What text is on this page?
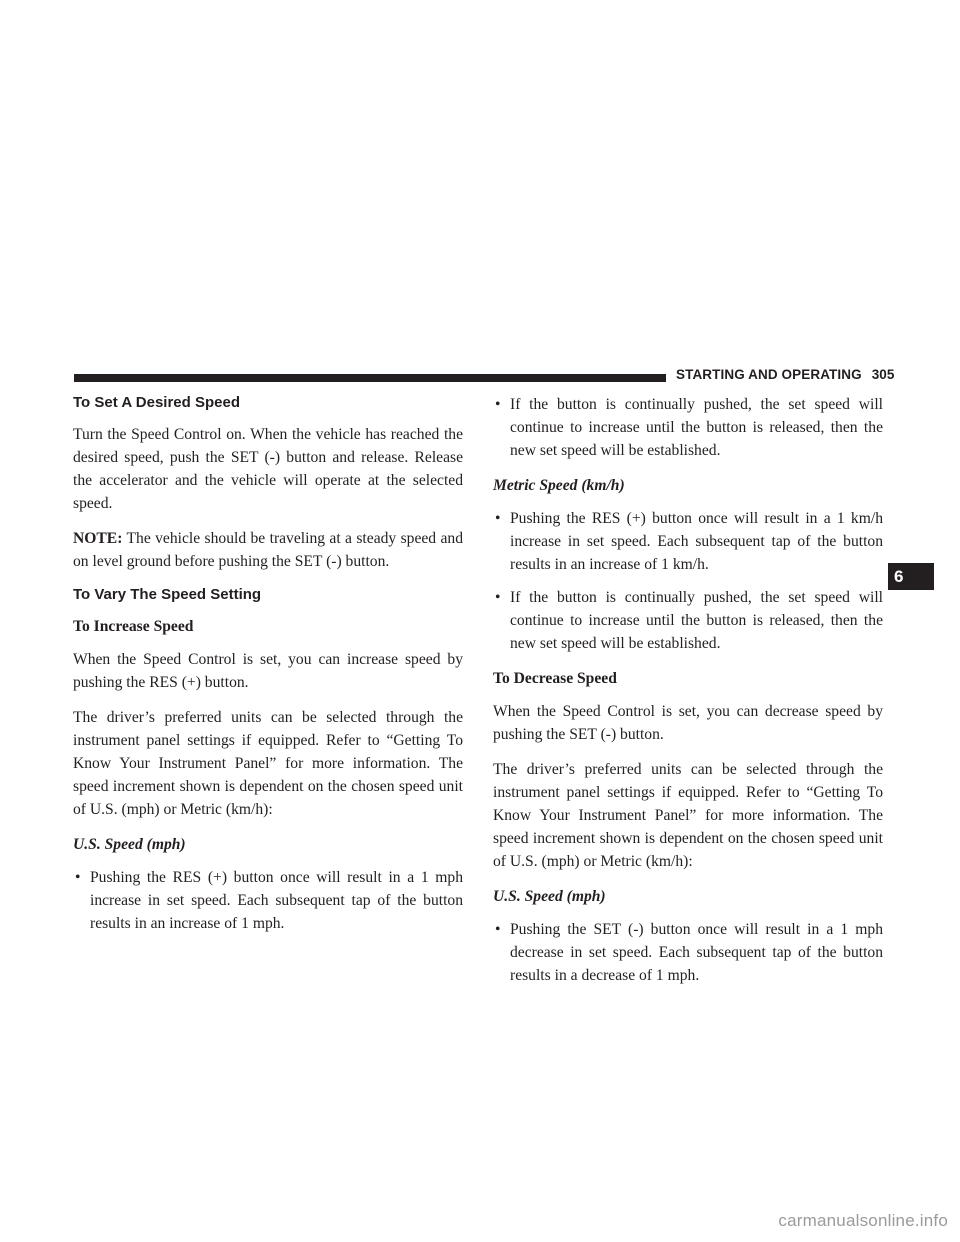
STARTING AND OPERATING 305
To Set A Desired Speed

Turn the Speed Control on. When the vehicle has reached the desired speed, push the SET (-) button and release. Release the accelerator and the vehicle will operate at the selected speed.

NOTE: The vehicle should be traveling at a steady speed and on level ground before pushing the SET (-) button.

To Vary The Speed Setting
To Increase Speed

When the Speed Control is set, you can increase speed by pushing the RES (+) button.

The driver’s preferred units can be selected through the instrument panel settings if equipped. Refer to “Getting To Know Your Instrument Panel” for more information. The speed increment shown is dependent on the chosen speed unit of U.S. (mph) or Metric (km/h):

U.S. Speed (mph)
• Pushing the RES (+) button once will result in a 1 mph increase in set speed. Each subsequent tap of the button results in an increase of 1 mph.
• If the button is continually pushed, the set speed will continue to increase until the button is released, then the new set speed will be established.
Metric Speed (km/h)
• Pushing the RES (+) button once will result in a 1 km/h increase in set speed. Each subsequent tap of the button results in an increase of 1 km/h.
• If the button is continually pushed, the set speed will continue to increase until the button is released, then the new set speed will be established.
To Decrease Speed

When the Speed Control is set, you can decrease speed by pushing the SET (-) button.

The driver’s preferred units can be selected through the instrument panel settings if equipped. Refer to “Getting To Know Your Instrument Panel” for more information. The speed increment shown is dependent on the chosen speed unit of U.S. (mph) or Metric (km/h):

U.S. Speed (mph)
• Pushing the SET (-) button once will result in a 1 mph decrease in set speed. Each subsequent tap of the button results in a decrease of 1 mph.
6
carmanualsonline.info
